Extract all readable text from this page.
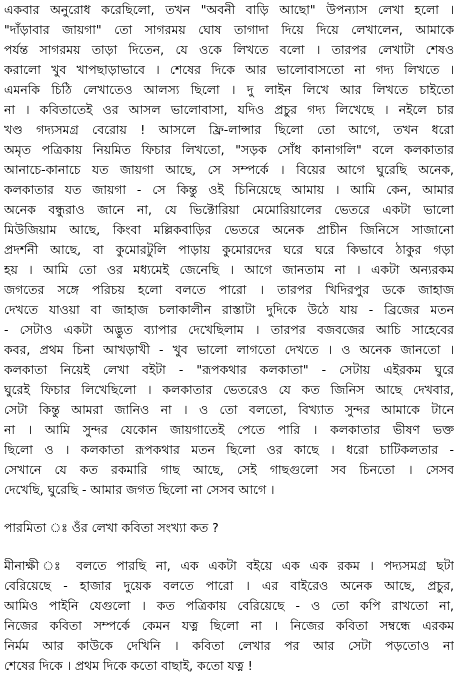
একবার অনুরোধ করেছিলো, তখন "অবনী বাড়ি আছো" উপন্যাস লেখা হলো ।
"দাঁড়াবার জায়গা" তো সাগরময় ঘোষ তাগাদা দিয়ে দিয়ে লেখালেন, আমাকে
পর্যন্ত সাগরময় তাড়া দিতেন, যে ওকে লিখতে বলো । তারপর লেখাটা শেষও
করালো খুব খাপছাড়াভাবে । শেষের দিকে আর ভালোবাসতো না গদ্য লিখতে ।
এমনকি চিঠি লেখাতেও আলস্য ছিলো । দু লাইন লিখে আর লিখতে চাইতো
না । কবিতাতেই ওর আসল ভালোবাসা, যদিও প্রচুর গদ্য লিখেছে । নইলে চার
খণ্ড গদ্যসমগ্র বেরোয় ! আসলে ফ্রি-লান্সার ছিলো তো আগে, তখন ধরো
অমৃত পত্রিকায় নিয়মিত ফিচার লিখতো, "সড়ক সোঁধ কানাগলি" বলে কলকাতার
আনাচে-কানাচে যত জায়গা আছে, সে সম্পর্কে । বিয়ের আগে ঘুরেছি অনেক,
কলকাতার যত জায়গা - সে কিন্তু ওই চিনিয়েছে আমায় । আমি কেন, আমার
অনেক বন্ধুরাও জানে না, যে ভিক্টোরিয়া মেমোরিয়ালের ভেতরে একটা ভালো
মিউজিয়াম আছে, কিংবা মল্লিকবাড়ির ভেতরে অনেক প্রাচীন জিনিসে সাজানো
প্রদর্শনী আছে, বা কুমোরটুলি পাড়ায় কুমোরদের ঘরে ঘরে কিভাবে ঠাকুর গড়া
হয় । আমি তো ওর মধ্যমেই জেনেছি । আগে জানতাম না । একটা অন্যরকম
জগতের সঙ্গে পরিচয় হলো বলতে পারো । তারপর খিদিরপুর ডকে জাহাজ
দেখতে যাওয়া বা জাহাজ চলাকালীন রাস্তাটা দুদিকে উঠে যায় - ব্রিজের মতন
- সেটাও একটা অদ্ভুত ব্যাপার দেখেছিলাম । তারপর বজবজের আচি সাহেবের
কবর, প্রথম চিনা আখড়াখী - খুব ভালো লাগতো দেখতে । ও অনেক জানতো ।
কলকাতা নিয়েই লেখা বইটা - "রূপকথার কলকাতা" - সেটায় এইরকম ঘুরে
ঘুরেই ফিচার লিখেছিলো । কলকাতার ভেতরেও যে কত জিনিস আছে দেখবার,
সেটা কিন্তু আমরা জানিও না । ও তো বলতো, বিখ্যাত সুন্দর আমাকে টানে
না । আমি সুন্দর যেকোন জায়গাতেই পেতে পারি । কলকাতার ভীষণ ভক্ত
ছিলো ও । কলকাতা রূপকথার মতন ছিলো ওর কাছে । ধরো চাটিকলতার -
সেখানে যে কত রকমারি গাছ আছে, সেই গাছগুলো সব চিনতো । সেসব
দেখেছি, ঘুরেছি - আমার জগত ছিলো না সেসব আগে ।
পারমিতা ঃ ওঁর লেখা কবিতা সংখ্যা কত ?
মীনাক্ষী ঃ বলতে পারছি না, এক একটা বইয়ে এক এক রকম । পদ্যসমগ্র ছটা
বেরিয়েছে - হাজার দুয়েক বলতে পারো । এর বাইরেও অনেক আছে, প্রচুর,
আমিও পাইনি যেগুলো । কত পত্রিকায় বেরিয়েছে - ও তো কপি রাখতো না,
নিজের কবিতা সম্পর্কে কেমন যত্ন ছিলো না । নিজের কবিতা সম্বন্ধে এরকম
নির্মম আর কাউকে দেখিনি । কবিতা লেখার পর আর সেটা পড়তোও না
শেষের দিকে । প্রথম দিকে কতো বাছাই, কতো যত্ন !
